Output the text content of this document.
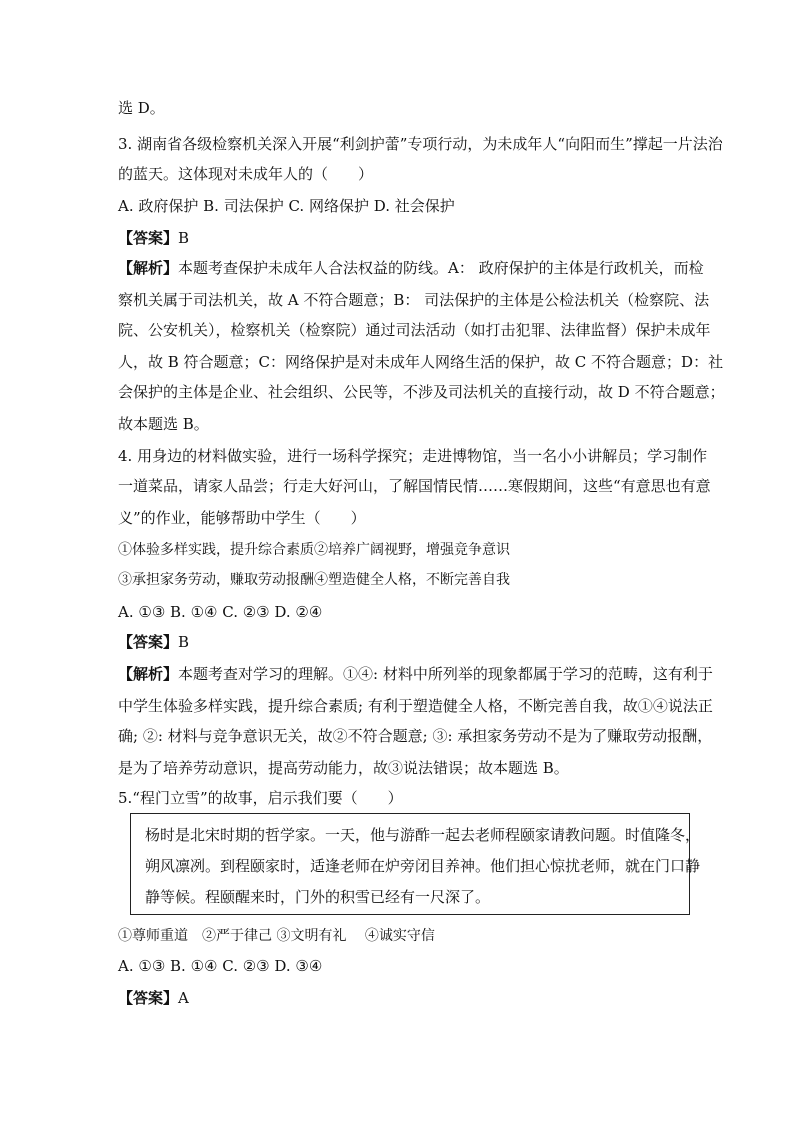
选 D。
3. 湖南省各级检察机关深入开展“利剑护蕾”专项行动，为未成年人“向阳而生”撑起一片法治
的蓝天。这体现对未成年人的（　　）
A. 政府保护 B. 司法保护 C. 网络保护 D. 社会保护
【答案】B
【解析】本题考查保护未成年人合法权益的防线。A： 政府保护的主体是行政机关，而检
察机关属于司法机关，故 A 不符合题意；B： 司法保护的主体是公检法机关（检察院、法
院、公安机关），检察机关（检察院）通过司法活动（如打击犯罪、法律监督）保护未成年
人，故 B 符合题意；C：网络保护是对未成年人网络生活的保护，故 C 不符合题意；D：社
会保护的主体是企业、社会组织、公民等，不涉及司法机关的直接行动，故 D 不符合题意；
故本题选 B。
4. 用身边的材料做实验，进行一场科学探究；走进博物馆，当一名小小讲解员；学习制作
一道菜品，请家人品尝；行走大好河山，了解国情民情……寒假期间，这些“有意思也有意
义”的作业，能够帮助中学生（　　）
①体验多样实践，提升综合素质②培养广阔视野，增强竞争意识
③承担家务劳动，赚取劳动报酬④塑造健全人格，不断完善自我
A. ①③ B. ①④ C. ②③ D. ②④
【答案】B
【解析】本题考查对学习的理解。①④: 材料中所列举的现象都属于学习的范畴，这有利于
中学生体验多样实践，提升综合素质; 有利于塑造健全人格，不断完善自我，故①④说法正
确; ②: 材料与竞争意识无关，故②不符合题意; ③: 承担家务劳动不是为了赚取劳动报酬，
是为了培养劳动意识，提高劳动能力，故③说法错误；故本题选 B。
5.“程门立雪”的故事，启示我们要（　　）
杨时是北宋时期的哲学家。一天，他与游酢一起去老师程颐家请教问题。时值隆冬，
朔风凛冽。到程颐家时，适逢老师在炉旁闭目养神。他们担心惊扰老师，就在门口静
静等候。程颐醒来时，门外的积雪已经有一尺深了。
①尊师重道　②严于律己 ③文明有礼　 ④诚实守信
A. ①③ B. ①④ C. ②③ D. ③④
【答案】A
